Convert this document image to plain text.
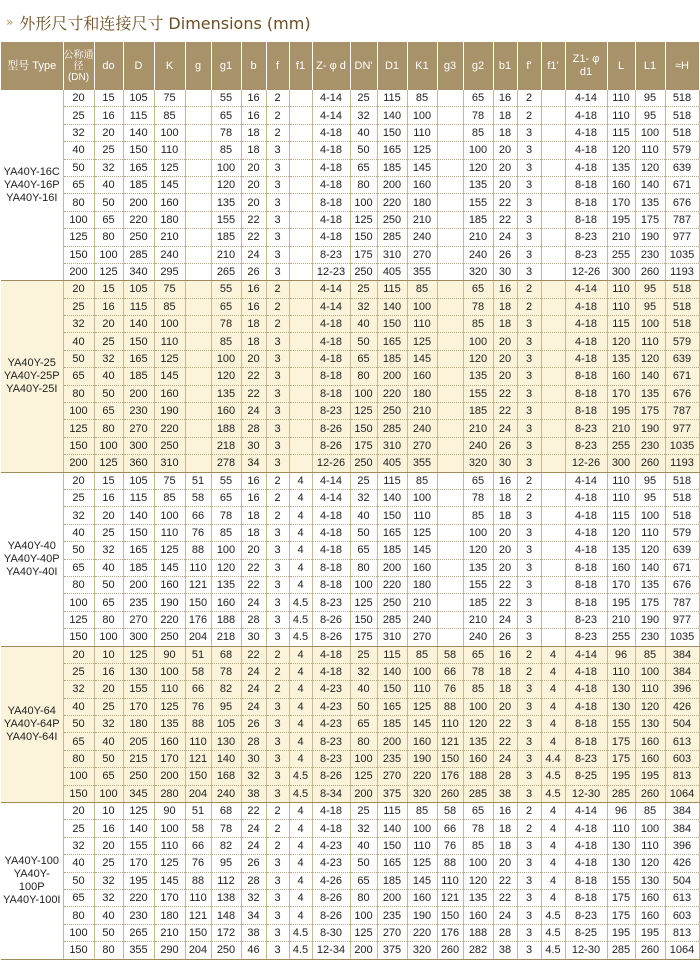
» 外形尺寸和连接尺寸 Dimensions (mm)
型号 Type	公称通径 (DN)	do	D	K	g	g1	b	f	f1	Z- φ d	DN'	D1	K1	g3	g2	b1	f'	f1'	Z1- φ d1	L	L1	≈H

YA40Y-16C
YA40Y-16P
YA40Y-16I	20	15	105	75		55	16	2		4-14	25	115	85		65	16	2		4-14	110	95	518
	25	16	115	85		65	16	2		4-14	32	140	100		78	18	2		4-18	110	95	518
	32	20	140	100		78	18	2		4-18	40	150	110		85	18	3		4-18	115	100	518
	40	25	150	110		85	18	3		4-18	50	165	125		100	20	3		4-18	120	110	579
	50	32	165	125		100	20	3		4-18	65	185	145		120	20	3		4-18	135	120	639
	65	40	185	145		120	20	3		4-18	80	200	160		135	20	3		8-18	160	140	671
	80	50	200	160		135	20	3		8-18	100	220	180		155	22	3		8-18	170	135	676
	100	65	220	180		155	22	3		4-18	125	250	210		185	22	3		8-18	195	175	787
	125	80	250	210		185	22	3		4-18	150	285	240		210	24	3		8-23	210	190	977
	150	100	285	240		210	24	3		8-23	175	310	270		240	26	3		8-23	255	230	1035
	200	125	340	295		265	26	3		12-23	250	405	355		320	30	3		12-26	300	260	1193

YA40Y-25
YA40Y-25P
YA40Y-25I	20	15	105	75		55	16	2		4-14	25	115	85		65	16	2		4-14	110	95	518
	25	16	115	85		65	16	2		4-14	32	140	100		78	18	2		4-18	110	95	518
	32	20	140	100		78	18	2		4-18	40	150	110		85	18	3		4-18	115	100	518
	40	25	150	110		85	18	3		4-18	50	165	125		100	20	3		4-18	120	110	579
	50	32	165	125		100	20	3		4-18	65	185	145		120	20	3		4-18	135	120	639
	65	40	185	145		120	22	3		8-18	80	200	160		135	20	3		8-18	160	140	671
	80	50	200	160		135	22	3		8-18	100	220	180		155	22	3		8-18	170	135	676
	100	65	230	190		160	24	3		8-23	125	250	210		185	22	3		8-18	195	175	787
	125	80	270	220		188	28	3		8-26	150	285	240		210	24	3		8-23	210	190	977
	150	100	300	250		218	30	3		8-26	175	310	270		240	26	3		8-23	255	230	1035
	200	125	360	310		278	34	3		12-26	250	405	355		320	30	3		12-26	300	260	1193

YA40Y-40
YA40Y-40P
YA40Y-40I	20	15	105	75	51	55	16	2	4	4-14	25	115	85		65	16	2		4-14	110	95	518
	25	16	115	85	58	65	16	2	4	4-14	32	140	100		78	18	2		4-18	110	95	518
	32	20	140	100	66	78	18	2	4	4-18	40	150	110		85	18	3		4-18	115	100	518
	40	25	150	110	76	85	18	3	4	4-18	50	165	125		100	20	3		4-18	120	110	579
	50	32	165	125	88	100	20	3	4	4-18	65	185	145		120	20	3		4-18	135	120	639
	65	40	185	145	110	120	22	3	4	8-18	80	200	160		135	20	3		8-18	160	140	671
	80	50	200	160	121	135	22	3	4	8-18	100	220	180		155	22	3		8-18	170	135	676
	100	65	235	190	150	160	24	3	4.5	8-23	125	250	210		185	22	3		8-18	195	175	787
	125	80	270	220	176	188	28	3	4.5	8-26	150	285	240		210	24	3		8-23	210	190	977
	150	100	300	250	204	218	30	3	4.5	8-26	175	310	270		240	26	3		8-23	255	230	1035

YA40Y-64
YA40Y-64P
YA40Y-64I	20	10	125	90	51	68	22	2	4	4-18	25	115	85	58	65	16	2	4	4-14	96	85	384
	25	16	130	100	58	78	24	2	4	4-18	32	140	100	66	78	18	2	4	4-18	110	100	384
	32	20	155	110	66	82	24	2	4	4-23	40	150	110	76	85	18	3	4	4-18	130	110	396
	40	25	170	125	76	95	24	3	4	4-23	50	165	125	88	100	20	3	4	4-18	130	120	426
	50	32	180	135	88	105	26	3	4	4-23	65	185	145	110	120	22	3	4	8-18	155	130	504
	65	40	205	160	110	130	28	3	4	8-23	80	200	160	121	135	22	3	4	8-18	175	160	613
	80	50	215	170	121	140	30	3	4	8-23	100	235	190	150	160	24	3	4.4	8-23	175	160	603
	100	65	250	200	150	168	32	3	4.5	8-26	125	270	220	176	188	28	3	4.5	8-25	195	195	813
	150	100	345	280	204	240	38	3	4.5	8-34	200	375	320	260	285	38	3	4.5	12-30	285	260	1064

YA40Y-100
YA40Y-100P
YA40Y-100I	20	10	125	90	51	68	22	2	4	4-18	25	115	85	58	65	16	2	4	4-14	96	85	384
	25	16	140	100	58	78	24	2	4	4-18	32	140	100	66	78	18	2	4	4-18	110	100	384
	32	20	155	110	66	82	24	2	4	4-23	40	150	110	76	85	18	3	4	4-18	130	110	396
	40	25	170	125	76	95	26	3	4	4-23	50	165	125	88	100	20	3	4	4-18	130	120	426
	50	32	195	145	88	112	28	3	4	4-26	65	185	145	110	120	22	3	4	8-18	155	130	504
	65	32	220	170	110	138	32	3	4	8-26	80	200	160	121	135	22	3	4	8-18	175	160	613
	80	40	230	180	121	148	34	3	4	8-26	100	235	190	150	160	24	3	4.5	8-23	175	160	603
	100	50	265	210	150	172	38	3	4.5	8-30	125	270	220	176	188	28	3	4.5	8-25	195	195	813
	150	80	355	290	204	250	46	3	4.5	12-34	200	375	320	260	282	38	3	4.5	12-30	285	260	1064
